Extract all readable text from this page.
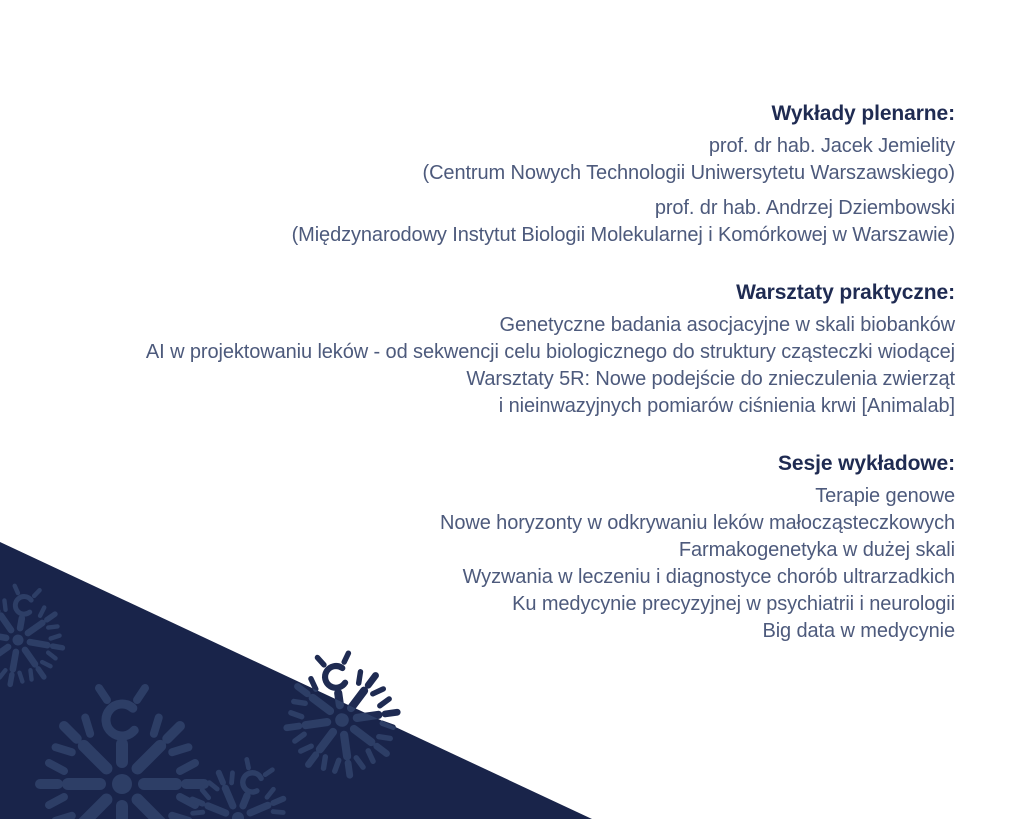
Wykłady plenarne:
prof. dr hab. Jacek Jemielity
(Centrum Nowych Technologii Uniwersytetu Warszawskiego)
prof. dr hab. Andrzej Dziembowski
(Międzynarodowy Instytut Biologii Molekularnej i Komórkowej w Warszawie)
Warsztaty praktyczne:
Genetyczne badania asocjacyjne w skali biobanków
AI w projektowaniu leków - od sekwencji celu biologicznego do struktury cząsteczki wiodącej
Warsztaty 5R: Nowe podejście do znieczulenia zwierząt
i nieinwazyjnych pomiarów ciśnienia krwi [Animalab]
Sesje wykładowe:
Terapie genowe
Nowe horyzonty w odkrywaniu leków małocząsteczkowych
Farmakogenetyka w dużej skali
Wyzwania w leczeniu i diagnostyce chorób ultrarzadkich
Ku medycynie precyzyjnej w psychiatrii i neurologii
Big data w medycynie
